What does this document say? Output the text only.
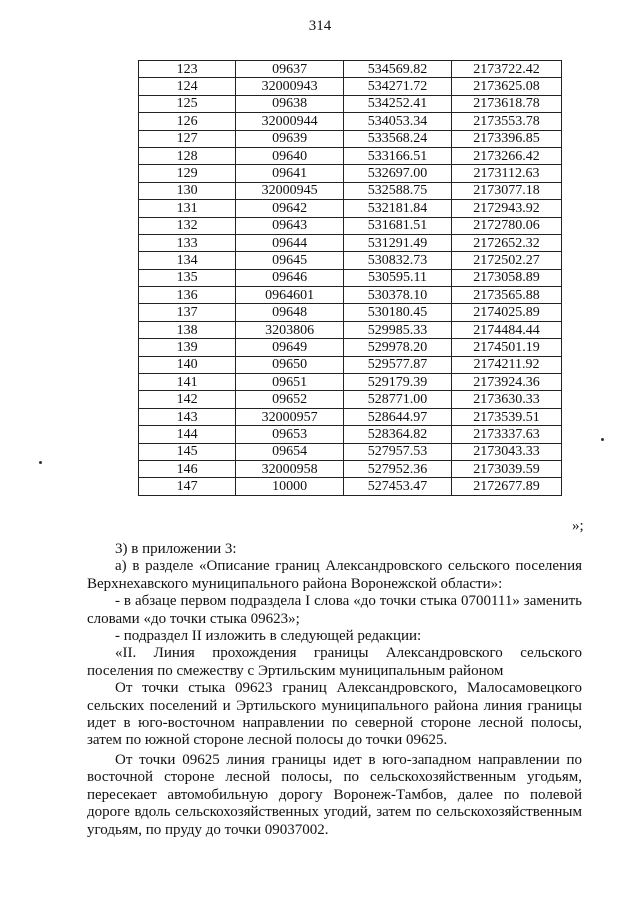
314
123	09637	534569.82	2173722.42
124	32000943	534271.72	2173625.08
125	09638	534252.41	2173618.78
126	32000944	534053.34	2173553.78
127	09639	533568.24	2173396.85
128	09640	533166.51	2173266.42
129	09641	532697.00	2173112.63
130	32000945	532588.75	2173077.18
131	09642	532181.84	2172943.92
132	09643	531681.51	2172780.06
133	09644	531291.49	2172652.32
134	09645	530832.73	2172502.27
135	09646	530595.11	2173058.89
136	0964601	530378.10	2173565.88
137	09648	530180.45	2174025.89
138	3203806	529985.33	2174484.44
139	09649	529978.20	2174501.19
140	09650	529577.87	2174211.92
141	09651	529179.39	2173924.36
142	09652	528771.00	2173630.33
143	32000957	528644.97	2173539.51
144	09653	528364.82	2173337.63
145	09654	527957.53	2173043.33
146	32000958	527952.36	2173039.59
147	10000	527453.47	2172677.89
»;

3) в приложении 3:

а) в разделе «Описание границ Александровского сельского поселения Верхнехавского муниципального района Воронежской области»:

- в абзаце первом подраздела I слова «до точки стыка 0700111» заменить словами «до точки стыка 09623»;

- подраздел II изложить в следующей редакции:

«II. Линия прохождения границы Александровского сельского поселения по смежеству с Эртильским муниципальным районом

От точки стыка 09623 границ Александровского, Малосамовецкого сельских поселений и Эртильского муниципального района линия границы идет в юго-восточном направлении по северной стороне лесной полосы, затем по южной стороне лесной полосы до точки 09625.

От точки 09625 линия границы идет в юго-западном направлении по восточной стороне лесной полосы, по сельскохозяйственным угодьям, пересекает автомобильную дорогу Воронеж-Тамбов, далее по полевой дороге вдоль сельскохозяйственных угодий, затем по сельскохозяйственным угодьям, по пруду до точки 09037002.
